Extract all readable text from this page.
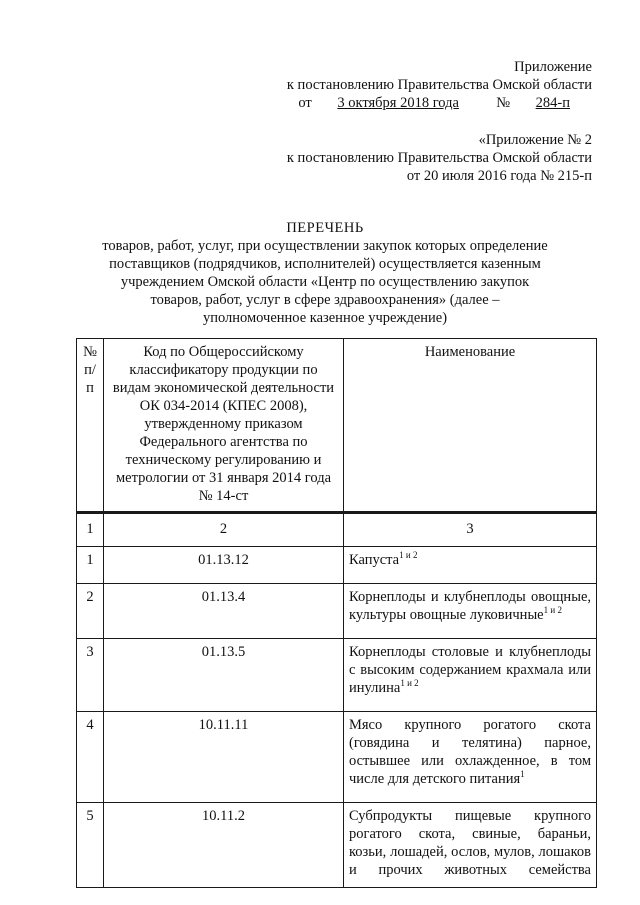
Приложение
к постановлению Правительства Омской области
от 3 октября 2018 года	№ 284-п
«Приложение № 2
к постановлению Правительства Омской области
от 20 июля 2016 года № 215-п
ПЕРЕЧЕНЬ
товаров, работ, услуг, при осуществлении закупок которых определение
поставщиков (подрядчиков, исполнителей) осуществляется казенным
учреждением Омской области «Центр по осуществлению закупок
товаров, работ, услуг в сфере здравоохранения» (далее –
уполномоченное казенное учреждение)
№
п/п	Код по Общероссийскому классификатору продукции по видам экономической деятельности ОК 034-2014 (КПЕС 2008), утвержденному приказом Федерального агентства по техническому регулированию и метрологии от 31 января 2014 года № 14-ст	Наименование

1	2	3
1	01.13.12	Капуста$^{1 и 2}$
2	01.13.4	Корнеплоды и клубнеплоды овощные, культуры овощные луковичные$^{1 и 2}$
3	01.13.5	Корнеплоды столовые и клубнеплоды с высоким содержанием крахмала или инулина$^{1 и 2}$
4	10.11.11	Мясо крупного рогатого скота (говядина и телятина) парное, остывшее или охлажденное, в том числе для детского питания$^1$
5	10.11.2	Субпродукты пищевые крупного рогатого скота, свиные, бараньи, козьи, лошадей, ослов, мулов, лошаков и прочих животных семейства
